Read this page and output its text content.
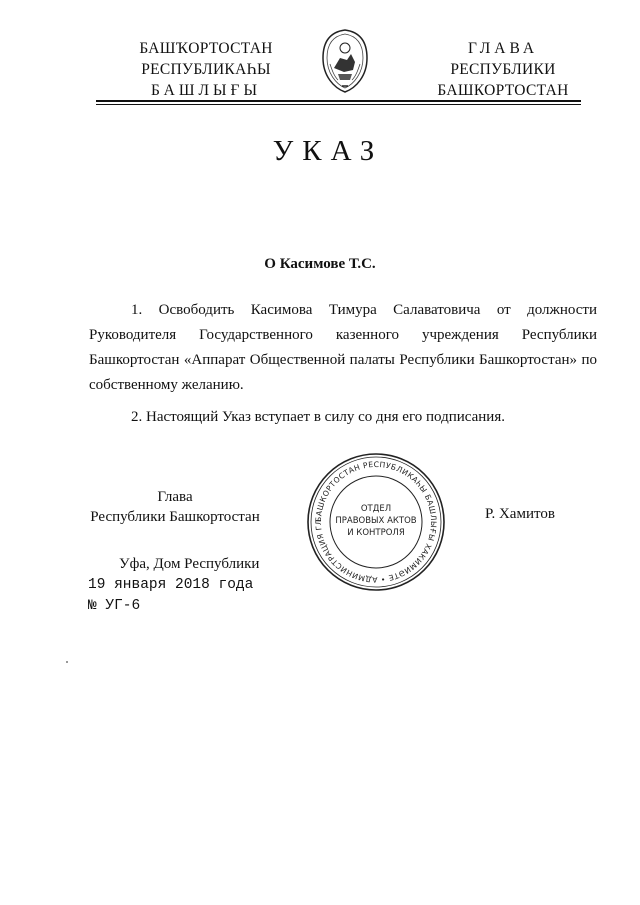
БАШҠОРТОСТАН
РЕСПУБЛИКАҺЫ
БАШЛЫҒЫ
ГЛАВА
РЕСПУБЛИКИ
БАШКОРТОСТАН
УКАЗ
О Касимове Т.С.
1. Освободить Касимова Тимура Салаватовича от должности Руководителя Государственного казенного учреждения Республики Башкортостан «Аппарат Общественной палаты Республики Башкортостан» по собственному желанию.
2. Настоящий Указ вступает в силу со дня его подписания.
Глава
Республики Башкортостан	БАШКОРТОСТАН РЕСПУБЛИКАҺЫ БАШЛЫҒЫ ХАКИМИӘТЕ • АДМИНИСТРАЦИЯ ГЛ
ОТДЕЛ
ПРАВОВЫХ АКТОВ
И КОНТРОЛЯ
Р. Хамитов
Уфа, Дом Республики
19 января 2018 года
№ УГ-6
